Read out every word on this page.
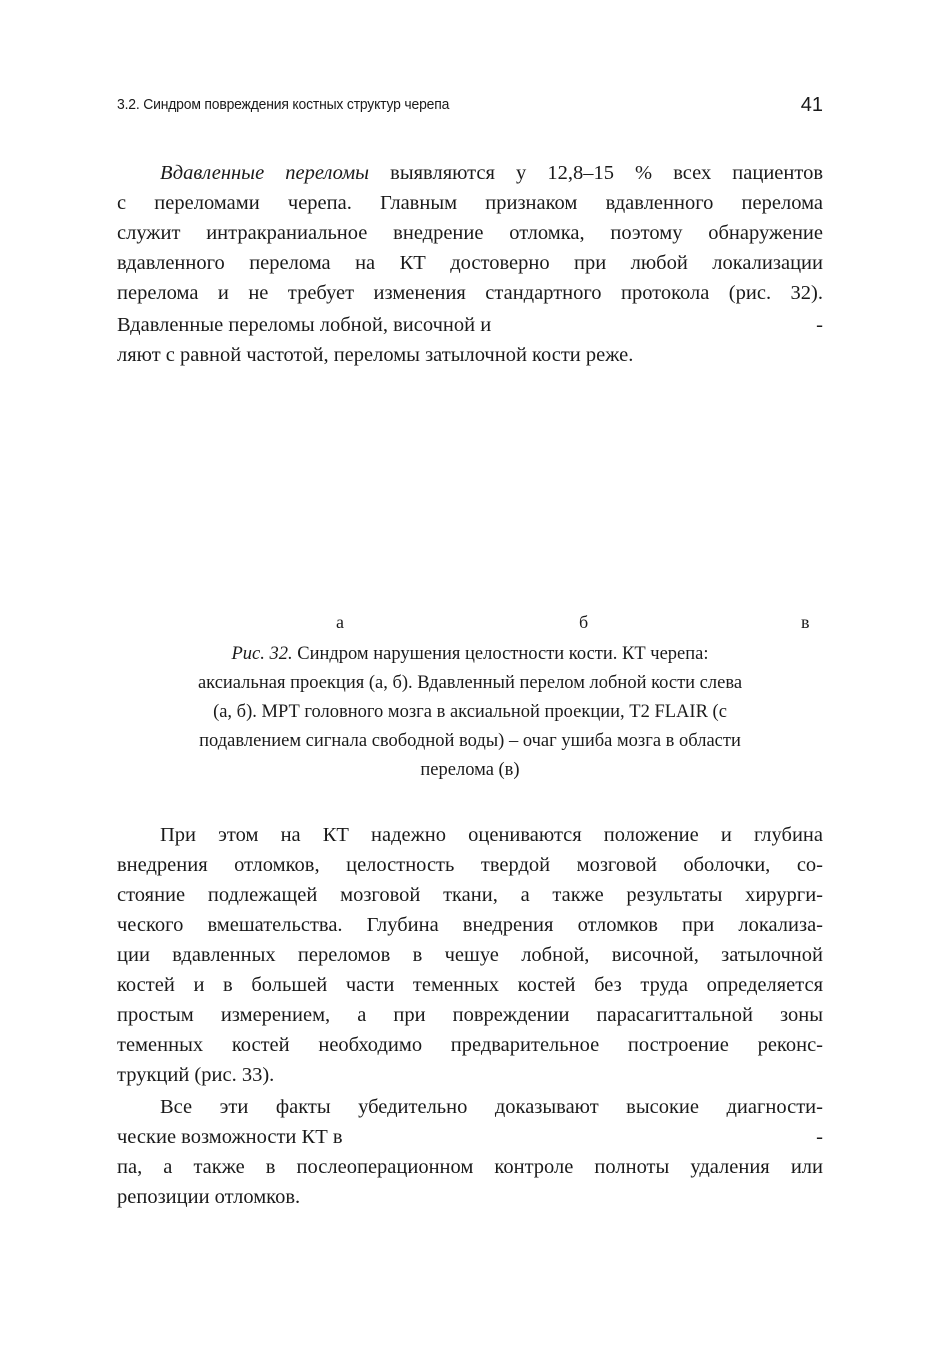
3.2. Синдром повреждения костных структур черепа	41
Вдавленные переломы выявляются у 12,8–15 % всех пациентов
с переломами черепа. Главным признаком вдавленного перелома
служит интракраниальное внедрение отломка, поэтому обнаружение
вдавленного перелома на КТ достоверно при любой локализации
перелома и не требует изменения стандартного протокола (рис. 32).
Вдавленные переломы лобной, височной и	-
ляют с равной частотой, переломы затылочной кости реже.
а	б	в
Рис. 32. Синдром нарушения целостности кости. КТ черепа:
аксиальная проекция (а, б). Вдавленный перелом лобной кости слева
(а, б). МРТ головного мозга в аксиальной проекции, Т2 FLAIR (с
подавлением сигнала свободной воды) – очаг ушиба мозга в области
перелома (в)
При этом на КТ надежно оцениваются положение и глубина
внедрения отломков, целостность твердой мозговой оболочки, со-
стояние подлежащей мозговой ткани, а также результаты хирурги-
ческого вмешательства. Глубина внедрения отломков при локализа-
ции вдавленных переломов в чешуе лобной, височной, затылочной
костей и в большей части теменных костей без труда определяется
простым измерением, а при повреждении парасагиттальной зоны
теменных костей необходимо предварительное построение реконс-
трукций (рис. 33).
Все эти факты убедительно доказывают высокие диагности-
ческие возможности КТ в	-
па, а также в послеоперационном контроле полноты удаления или
репозиции отломков.
